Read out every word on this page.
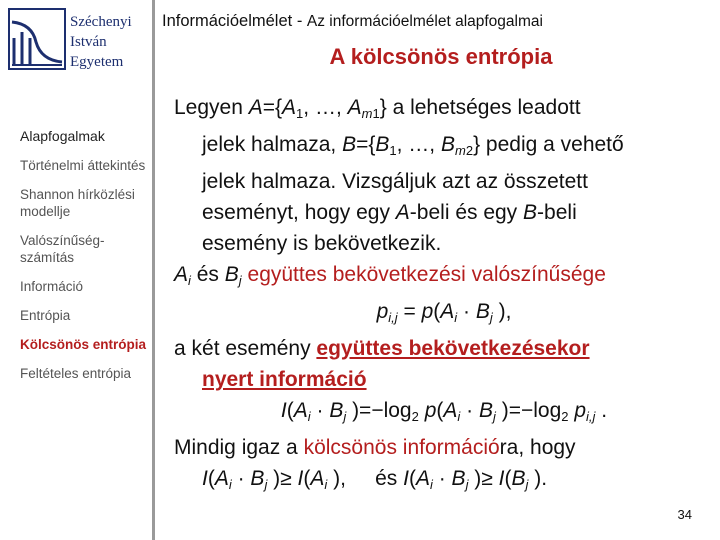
Széchenyi
István
Egyetem
Alapfogalmak
Történelmi áttekintés
Shannon hírközlési modellje
Valószínűség-számítás
Információ
Entrópia
Kölcsönös entrópia
Feltételes entrópia
Információelmélet - Az információelmélet alapfogalmai
A kölcsönös entrópia
Legyen $A=\{A_1$, …, $A_{m1}$} a lehetséges leadott
jelek halmaza, $B=\{B_1$, …, $B_{m2}$} pedig a vehető
jelek halmaza. Vizsgáljuk azt az összetett
eseményt, hogy egy A-beli és egy B-beli
esemény is bekövetkezik.
$A_i$ és $B_j$ együttes bekövetkezési valószínűsége
$p_{i,j} = p(A_i \cdot B_j$ ),
a két esemény együttes bekövetkezésekor
nyert információ
$I(A_i \cdot B_j$ )$=-\log_2$ $p(A_i \cdot B_j$ )$=-\log_2$ $p_{i,j}$ .
Mindig igaz a kölcsönös információra, hogy
$I(A_i \cdot B_j$ )≥ $I(A_i$ ),     és $I(A_i \cdot B_j$ )≥ $I(B_j$ ).
34
